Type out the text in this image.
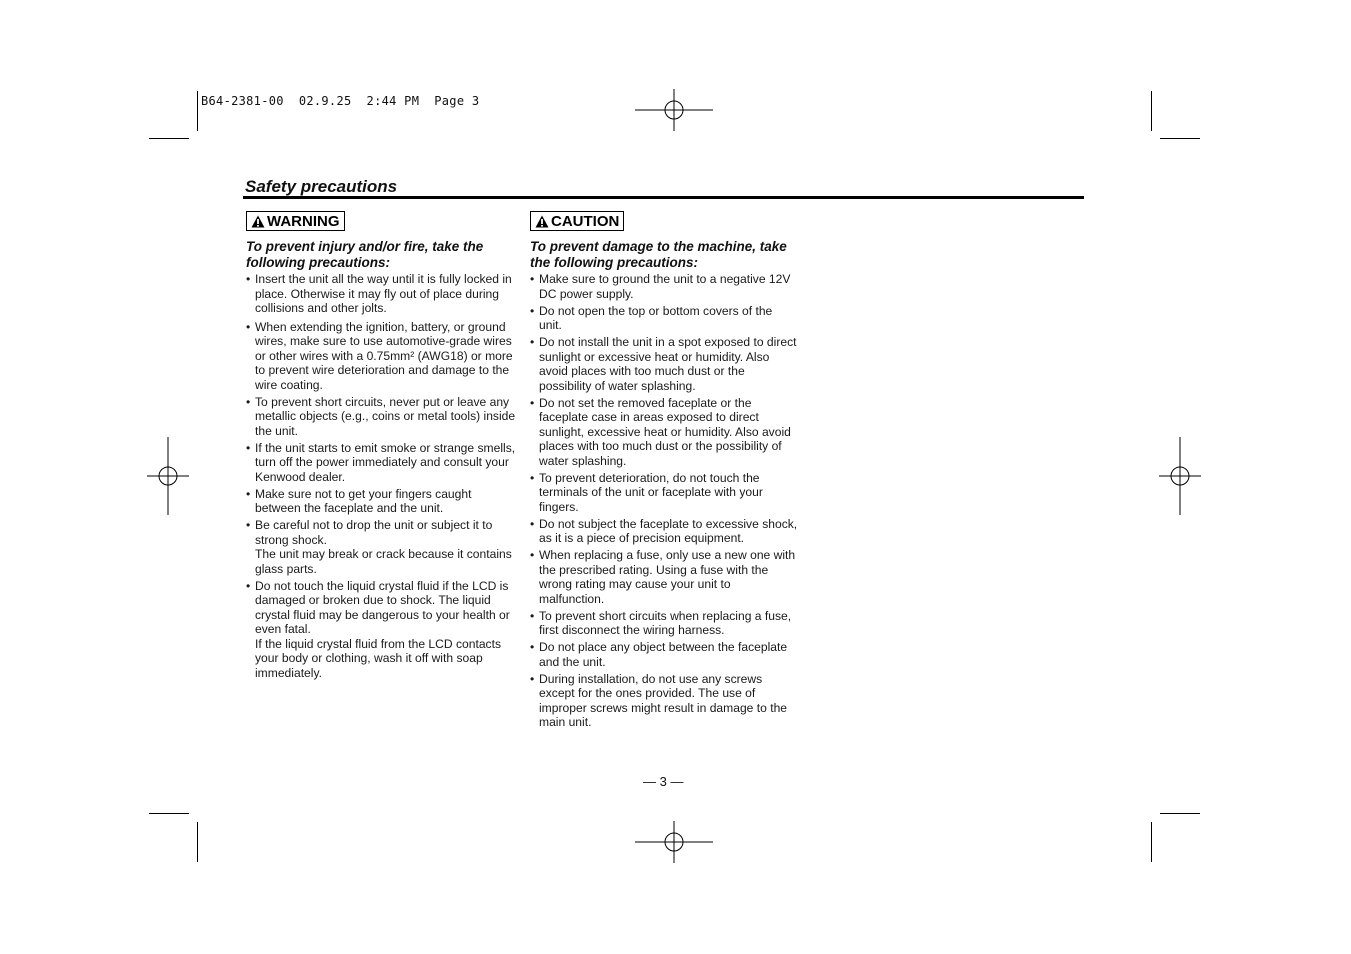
B64-2381-00  02.9.25  2:44 PM  Page 3
Safety precautions
WARNING
To prevent injury and/or fire, take the following precautions:
• Insert the unit all the way until it is fully locked in place. Otherwise it may fly out of place during collisions and other jolts.
• When extending the ignition, battery, or ground wires, make sure to use automotive-grade wires or other wires with a 0.75mm² (AWG18) or more to prevent wire deterioration and damage to the wire coating.
• To prevent short circuits, never put or leave any metallic objects (e.g., coins or metal tools) inside the unit.
• If the unit starts to emit smoke or strange smells, turn off the power immediately and consult your Kenwood dealer.
• Make sure not to get your fingers caught between the faceplate and the unit.
• Be careful not to drop the unit or subject it to strong shock.
The unit may break or crack because it contains glass parts.
• Do not touch the liquid crystal fluid if the LCD is damaged or broken due to shock. The liquid crystal fluid may be dangerous to your health or even fatal.
If the liquid crystal fluid from the LCD contacts your body or clothing, wash it off with soap immediately.
CAUTION
To prevent damage to the machine, take the following precautions:
• Make sure to ground the unit to a negative 12V DC power supply.
• Do not open the top or bottom covers of the unit.
• Do not install the unit in a spot exposed to direct sunlight or excessive heat or humidity. Also avoid places with too much dust or the possibility of water splashing.
• Do not set the removed faceplate or the faceplate case in areas exposed to direct sunlight, excessive heat or humidity. Also avoid places with too much dust or the possibility of water splashing.
• To prevent deterioration, do not touch the terminals of the unit or faceplate with your fingers.
• Do not subject the faceplate to excessive shock, as it is a piece of precision equipment.
• When replacing a fuse, only use a new one with the prescribed rating. Using a fuse with the wrong rating may cause your unit to malfunction.
• To prevent short circuits when replacing a fuse, first disconnect the wiring harness.
• Do not place any object between the faceplate and the unit.
• During installation, do not use any screws except for the ones provided. The use of improper screws might result in damage to the main unit.
— 3 —
